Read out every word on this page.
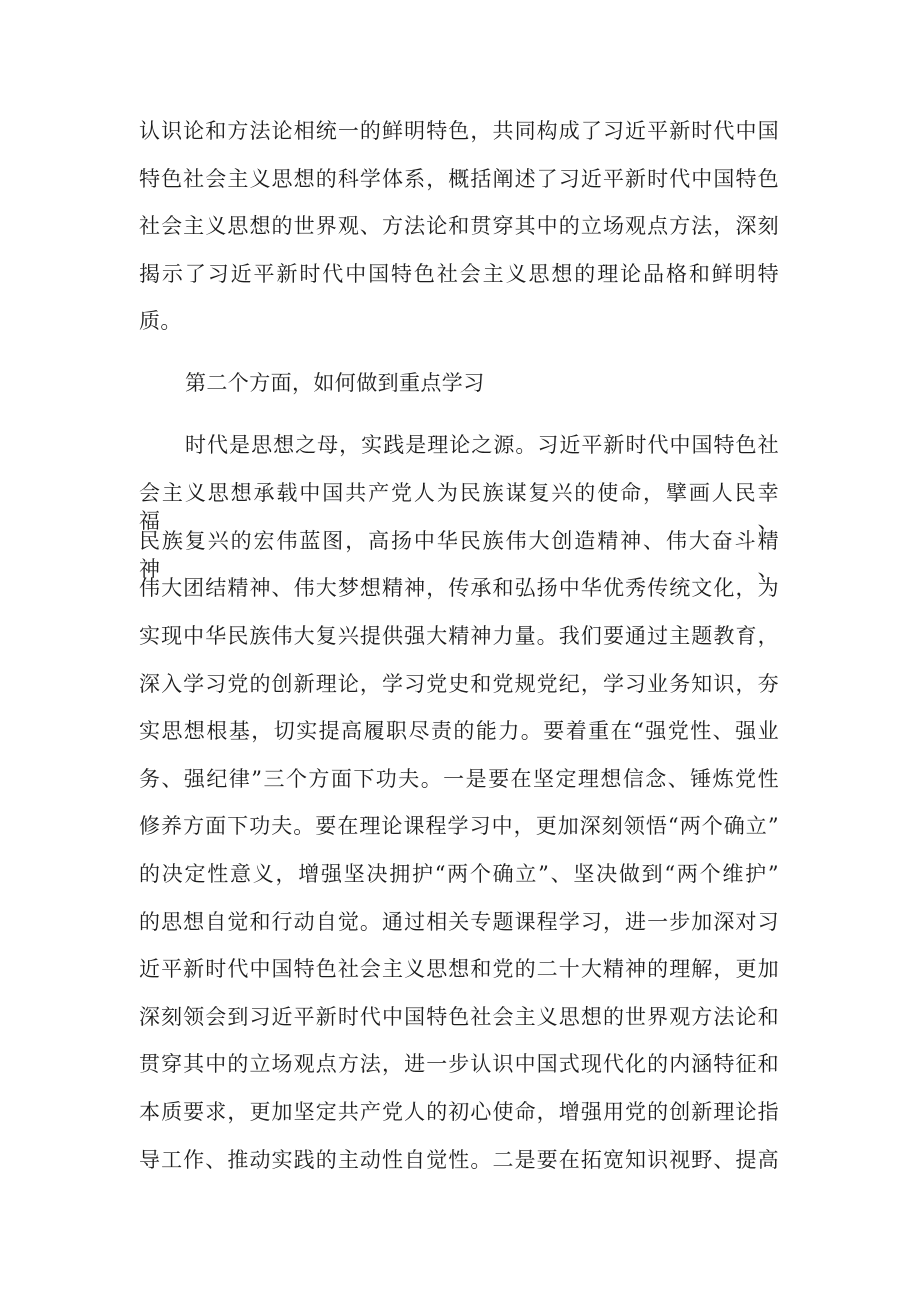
认识论和方法论相统一的鲜明特色，共同构成了习近平新时代中国
特色社会主义思想的科学体系，概括阐述了习近平新时代中国特色
社会主义思想的世界观、方法论和贯穿其中的立场观点方法，深刻
揭示了习近平新时代中国特色社会主义思想的理论品格和鲜明特
质。
第二个方面，如何做到重点学习
时代是思想之母，实践是理论之源。习近平新时代中国特色社
会主义思想承载中国共产党人为民族谋复兴的使命，擘画人民幸福、
民族复兴的宏伟蓝图，高扬中华民族伟大创造精神、伟大奋斗精神、
伟大团结精神、伟大梦想精神，传承和弘扬中华优秀传统文化，为
实现中华民族伟大复兴提供强大精神力量。我们要通过主题教育，
深入学习党的创新理论，学习党史和党规党纪，学习业务知识，夯
实思想根基，切实提高履职尽责的能力。要着重在“强党性、强业
务、强纪律”三个方面下功夫。一是要在坚定理想信念、锤炼党性
修养方面下功夫。要在理论课程学习中，更加深刻领悟“两个确立”
的决定性意义，增强坚决拥护“两个确立”、坚决做到“两个维护”
的思想自觉和行动自觉。通过相关专题课程学习，进一步加深对习
近平新时代中国特色社会主义思想和党的二十大精神的理解，更加
深刻领会到习近平新时代中国特色社会主义思想的世界观方法论和
贯穿其中的立场观点方法，进一步认识中国式现代化的内涵特征和
本质要求，更加坚定共产党人的初心使命，增强用党的创新理论指
导工作、推动实践的主动性自觉性。二是要在拓宽知识视野、提高
